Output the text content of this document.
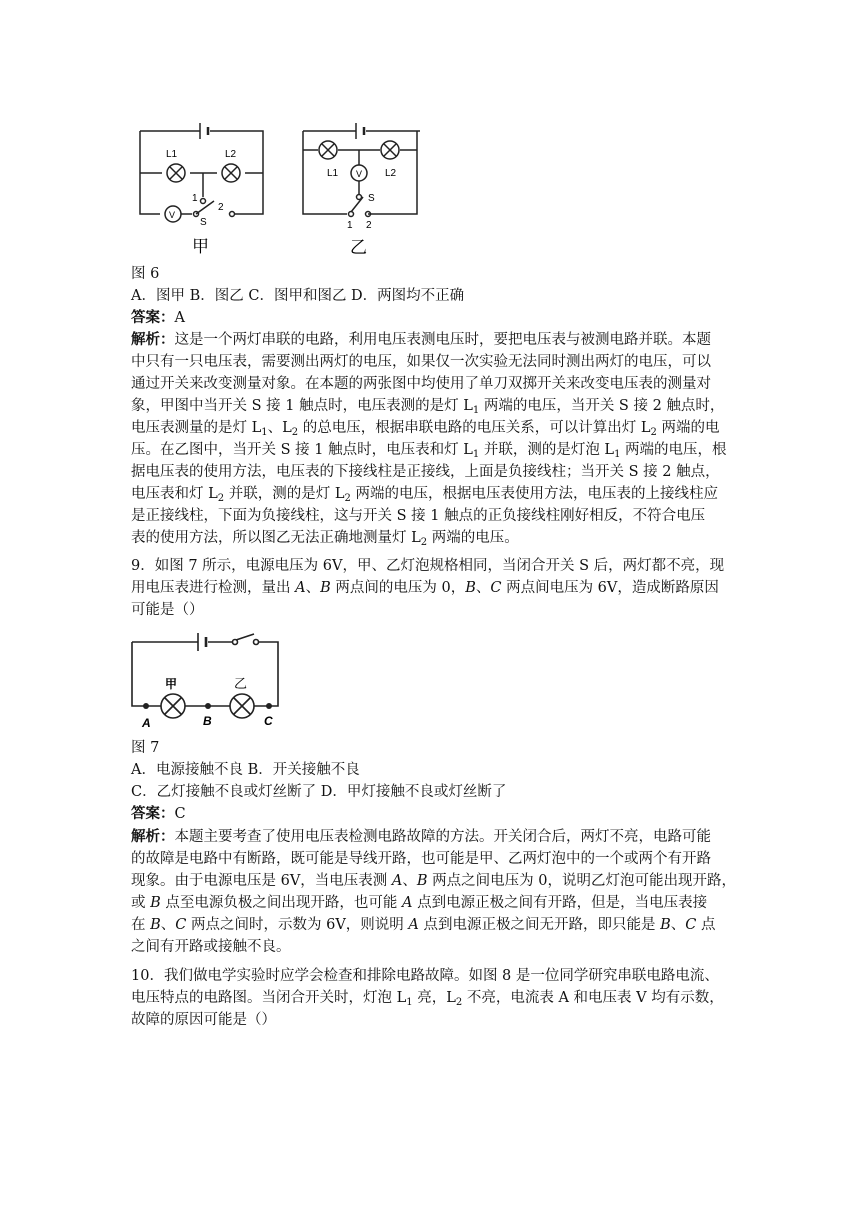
L1	L2
V
1
2
S
甲
L1	L2
V
S
1 2
乙
图 6
A．图甲 B．图乙 C．图甲和图乙 D．两图均不正确
答案：A
解析：这是一个两灯串联的电路，利用电压表测电压时，要把电压表与被测电路并联。本题
中只有一只电压表，需要测出两灯的电压，如果仅一次实验无法同时测出两灯的电压，可以
通过开关来改变测量对象。在本题的两张图中均使用了单刀双掷开关来改变电压表的测量对
象，甲图中当开关 S 接 1 触点时，电压表测的是灯 $L_1$ 两端的电压，当开关 S 接 2 触点时，
电压表测量的是灯 $L_1$、$L_2$ 的总电压，根据串联电路的电压关系，可以计算出灯 $L_2$ 两端的电
压。在乙图中，当开关 S 接 1 触点时，电压表和灯 $L_1$ 并联，测的是灯泡 $L_1$ 两端的电压，根
据电压表的使用方法，电压表的下接线柱是正接线，上面是负接线柱；当开关 S 接 2 触点，
电压表和灯 $L_2$ 并联，测的是灯 $L_2$ 两端的电压，根据电压表使用方法，电压表的上接线柱应
是正接线柱，下面为负接线柱，这与开关 S 接 1 触点的正负接线柱刚好相反，不符合电压
表的使用方法，所以图乙无法正确地测量灯 $L_2$ 两端的电压。
9．如图 7 所示，电源电压为 6V，甲、乙灯泡规格相同，当闭合开关 S 后，两灯都不亮，现
用电压表进行检测，量出 A、B 两点间的电压为 0，B、C 两点间电压为 6V，造成断路原因
可能是（）
甲	乙
A	B	C
图 7
A．电源接触不良 B．开关接触不良
C．乙灯接触不良或灯丝断了 D．甲灯接触不良或灯丝断了
答案：C
解析：本题主要考查了使用电压表检测电路故障的方法。开关闭合后，两灯不亮，电路可能
的故障是电路中有断路，既可能是导线开路，也可能是甲、乙两灯泡中的一个或两个有开路
现象。由于电源电压是 6V，当电压表测 A、B 两点之间电压为 0，说明乙灯泡可能出现开路，
或 B 点至电源负极之间出现开路，也可能 A 点到电源正极之间有开路，但是，当电压表接
在 B、C 两点之间时，示数为 6V，则说明 A 点到电源正极之间无开路，即只能是 B、C 点
之间有开路或接触不良。
10．我们做电学实验时应学会检查和排除电路故障。如图 8 是一位同学研究串联电路电流、
电压特点的电路图。当闭合开关时，灯泡 $L_1$ 亮，$L_2$ 不亮，电流表 A 和电压表 V 均有示数，
故障的原因可能是（）
